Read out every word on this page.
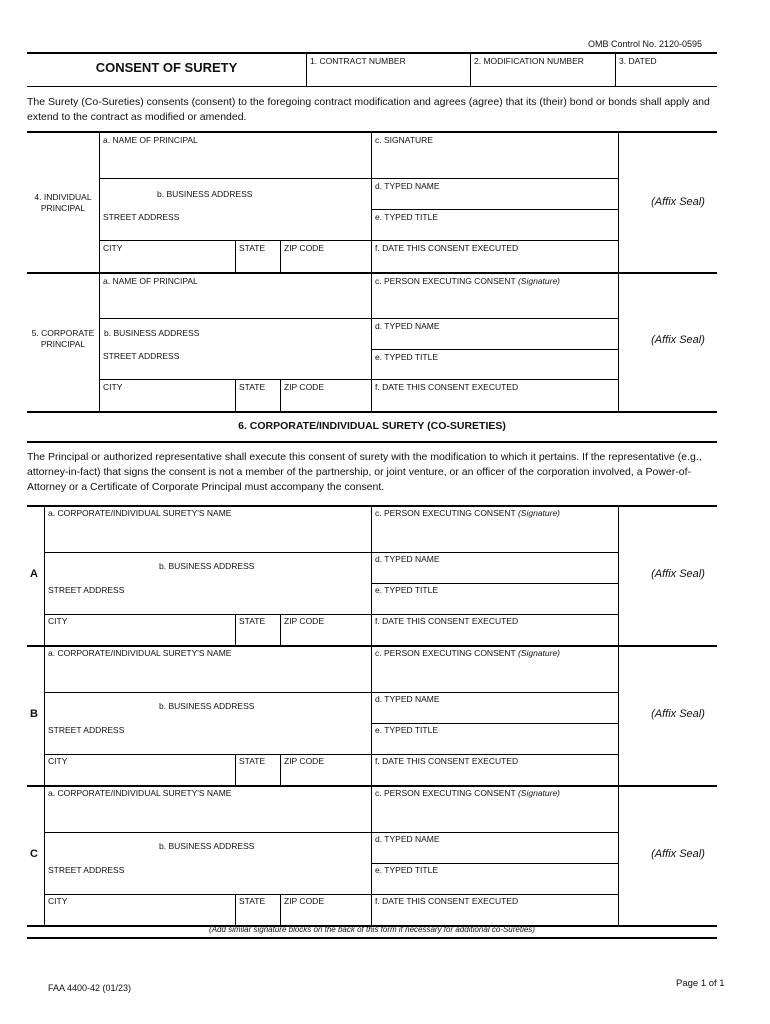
OMB Control No. 2120-0595
CONSENT OF SURETY	1. CONTRACT NUMBER	2. MODIFICATION NUMBER	3. DATED
The Surety (Co-Sureties) consents (consent) to the foregoing contract modification and agrees (agree) that its (their) bond or bonds shall apply and extend to the contract as modified or amended.
4. INDIVIDUAL PRINCIPAL
a. NAME OF PRINCIPAL
b. BUSINESS ADDRESS
STREET ADDRESS
CITY	STATE ZIP CODE
c. SIGNATURE
d. TYPED NAME
e. TYPED TITLE
f. DATE THIS CONSENT EXECUTED
(Affix Seal)
5. CORPORATE PRINCIPAL
a. NAME OF PRINCIPAL
b. BUSINESS ADDRESS
STREET ADDRESS
CITY	STATE ZIP CODE
c. PERSON EXECUTING CONSENT (Signature)
d. TYPED NAME
e. TYPED TITLE
f. DATE THIS CONSENT EXECUTED
(Affix Seal)
6. CORPORATE/INDIVIDUAL SURETY (CO-SURETIES)
The Principal or authorized representative shall execute this consent of surety with the modification to which it pertains. If the representative (e.g., attorney-in-fact) that signs the consent is not a member of the partnership, or joint venture, or an officer of the corporation involved, a Power-of-Attorney or a Certificate of Corporate Principal must accompany the consent.
A
a. CORPORATE/INDIVIDUAL SURETY'S NAME
b. BUSINESS ADDRESS
STREET ADDRESS
CITY	STATE ZIP CODE
c. PERSON EXECUTING CONSENT (Signature)
d. TYPED NAME
e. TYPED TITLE
f. DATE THIS CONSENT EXECUTED
(Affix Seal)
B
a. CORPORATE/INDIVIDUAL SURETY'S NAME
b. BUSINESS ADDRESS
STREET ADDRESS
CITY	STATE ZIP CODE
c. PERSON EXECUTING CONSENT (Signature)
d. TYPED NAME
e. TYPED TITLE
f. DATE THIS CONSENT EXECUTED
(Affix Seal)
C
a. CORPORATE/INDIVIDUAL SURETY'S NAME
b. BUSINESS ADDRESS
STREET ADDRESS
CITY	STATE ZIP CODE
c. PERSON EXECUTING CONSENT (Signature)
d. TYPED NAME
e. TYPED TITLE
f. DATE THIS CONSENT EXECUTED
(Affix Seal)
(Add similar signature blocks on the back of this form if necessary for additional co-Sureties)
FAA 4400-42 (01/23)	Page 1 of 1
